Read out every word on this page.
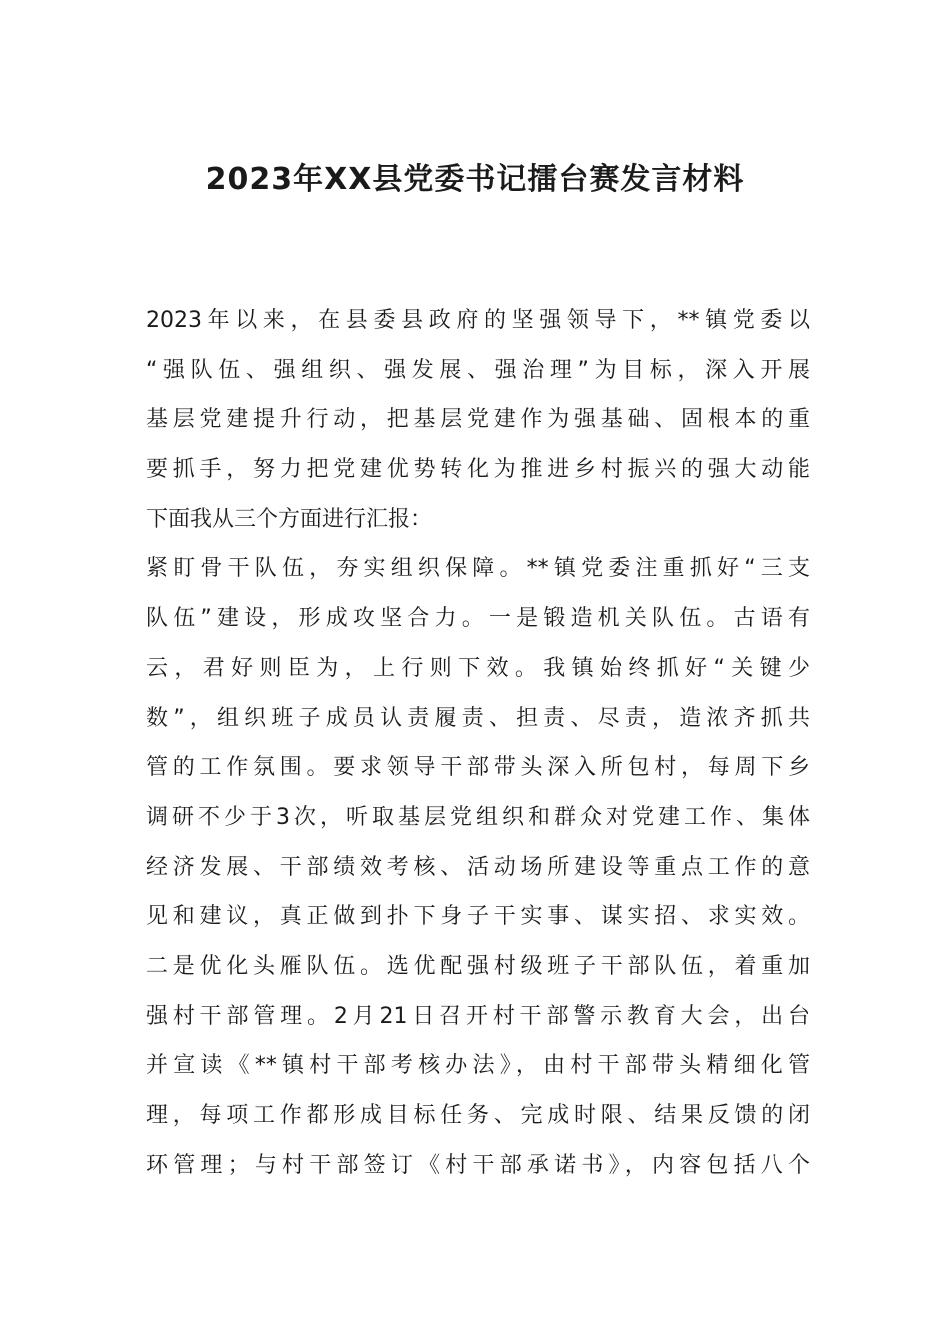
2023年XX县党委书记擂台赛发言材料
2023年以来，在县委县政府的坚强领导下，**镇党委以
“强队伍、强组织、强发展、强治理”为目标，深入开展
基层党建提升行动，把基层党建作为强基础、固根本的重
要抓手，努力把党建优势转化为推进乡村振兴的强大动能
下面我从三个方面进行汇报：
紧盯骨干队伍，夯实组织保障。**镇党委注重抓好“三支
队伍”建设，形成攻坚合力。一是锻造机关队伍。古语有
云，君好则臣为，上行则下效。我镇始终抓好“关键少
数”，组织班子成员认责履责、担责、尽责，造浓齐抓共
管的工作氛围。要求领导干部带头深入所包村，每周下乡
调研不少于3次，听取基层党组织和群众对党建工作、集体
经济发展、干部绩效考核、活动场所建设等重点工作的意
见和建议，真正做到扑下身子干实事、谋实招、求实效。
二是优化头雁队伍。选优配强村级班子干部队伍，着重加
强村干部管理。2月21日召开村干部警示教育大会，出台
并宣读《**镇村干部考核办法》，由村干部带头精细化管
理，每项工作都形成目标任务、完成时限、结果反馈的闭
环管理；与村干部签订《村干部承诺书》，内容包括八个
